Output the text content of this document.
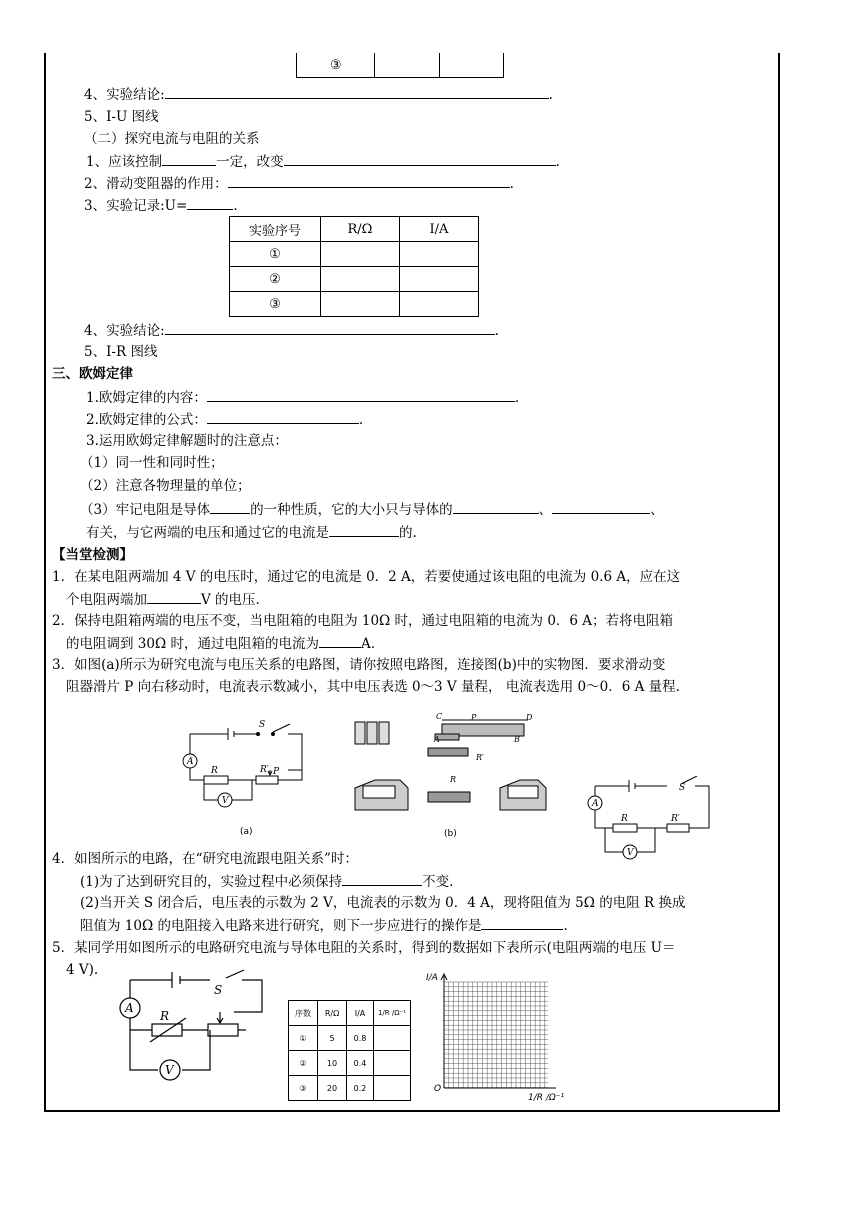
③		
4、实验结论:	.
5、I-U 图线
（二）探究电流与电阻的关系
1、应该控制	一定，改变	.
2、滑动变阻器的作用：	.
3、实验记录:U=	.
实验序号	R/Ω	I/A
①		
②		
③		
4、实验结论:	.
5、I-R 图线
三、欧姆定律
1.欧姆定律的内容：	.
2.欧姆定律的公式：	.
3.运用欧姆定律解题时的注意点：
（1）同一性和同时性；
（2）注意各物理量的单位；
（3）牢记电阻是导体	的一种性质，它的大小只与导体的	、	、
有关，与它两端的电压和通过它的电流是	的.
【当堂检测】
1．在某电阻两端加 4 V 的电压时，通过它的电流是 0．2 A，若要使通过该电阻的电流为 0.6 A，应在这
个电阻两端加	V 的电压.
2．保持电阻箱两端的电压不变，当电阻箱的电阻为 10Ω 时，通过电阻箱的电流为 0．6 A；若将电阻箱
的电阻调到 30Ω 时，通过电阻箱的电流为	A.
3．如图(a)所示为研究电流与电压关系的电路图，请你按照电路图，连接图(b)中的实物图．要求滑动变
阻器滑片 P 向右移动时，电流表示数减小，其中电压表选 0～3 V 量程， 电流表选用 0～0．6 A 量程.
A
V
S
R	R′ P
(a)
C	P	D
A	B
R′
R
(b)
A
V
S
R	R′
4．如图所示的电路，在“研究电流跟电阻关系”时：
(1)为了达到研究目的，实验过程中必须保持	不变.
(2)当开关 S 闭合后，电压表的示数为 2 V，电流表的示数为 0．4 A，现将阻值为 5Ω 的电阻 R 换成
阻值为 10Ω 的电阻接入电路来进行研究，则下一步应进行的操作是	.
5．某同学用如图所示的电路研究电流与导体电阻的关系时，得到的数据如下表所示(电阻两端的电压 U＝
4 V).
A
V
S
R	序数	R/Ω	I/A	1/R /Ω⁻¹
①	5	0.8	
②	10	0.4	
③	20	0.2	
I/A
O
1/R /Ω⁻¹
